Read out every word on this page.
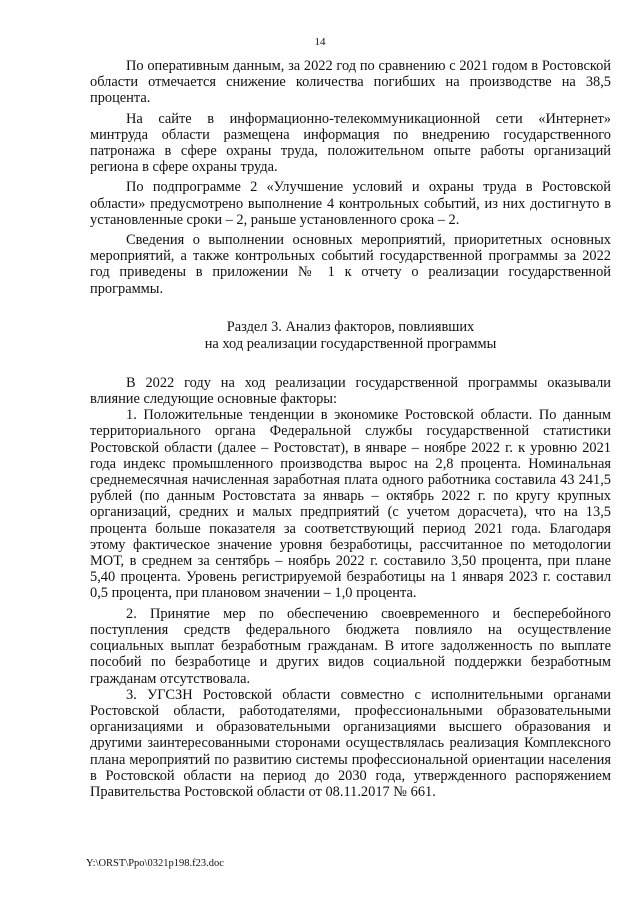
14

По оперативным данным, за 2022 год по сравнению с 2021 годом в Ростовской области отмечается снижение количества погибших на производстве на 38,5 процента.

На сайте в информационно-телекоммуникационной сети «Интернет» минтруда области размещена информация по внедрению государственного патронажа в сфере охраны труда, положительном опыте работы организаций региона в сфере охраны труда.

По подпрограмме 2 «Улучшение условий и охраны труда в Ростовской области» предусмотрено выполнение 4 контрольных событий, из них достигнуто в установленные сроки – 2, раньше установленного срока – 2.

Сведения о выполнении основных мероприятий, приоритетных основных мероприятий, а также контрольных событий государственной программы за 2022 год приведены в приложении № 1 к отчету о реализации государственной программы.

Раздел 3. Анализ факторов, повлиявших
на ход реализации государственной программы

В 2022 году на ход реализации государственной программы оказывали влияние следующие основные факторы:

1. Положительные тенденции в экономике Ростовской области. По данным территориального органа Федеральной службы государственной статистики Ростовской области (далее – Ростовстат), в январе – ноябре 2022 г. к уровню 2021 года индекс промышленного производства вырос на 2,8 процента. Номинальная среднемесячная начисленная заработная плата одного работника составила 43 241,5 рублей (по данным Ростовстата за январь – октябрь 2022 г. по кругу крупных организаций, средних и малых предприятий (с учетом дорасчета), что на 13,5 процента больше показателя за соответствующий период 2021 года. Благодаря этому фактическое значение уровня безработицы, рассчитанное по методологии МОТ, в среднем за сентябрь – ноябрь 2022 г. составило 3,50 процента, при плане 5,40 процента. Уровень регистрируемой безработицы на 1 января 2023 г. составил 0,5 процента, при плановом значении – 1,0 процента.

2. Принятие мер по обеспечению своевременного и бесперебойного поступления средств федерального бюджета повлияло на осуществление социальных выплат безработным гражданам. В итоге задолженность по выплате пособий по безработице и других видов социальной поддержки безработным гражданам отсутствовала.

3. УГСЗН Ростовской области совместно с исполнительными органами Ростовской области, работодателями, профессиональными образовательными организациями и образовательными организациями высшего образования и другими заинтересованными сторонами осуществлялась реализация Комплексного плана мероприятий по развитию системы профессиональной ориентации населения в Ростовской области на период до 2030 года, утвержденного распоряжением Правительства Ростовской области от 08.11.2017 № 661.

Y:\ORST\Ppo\0321p198.f23.doc
